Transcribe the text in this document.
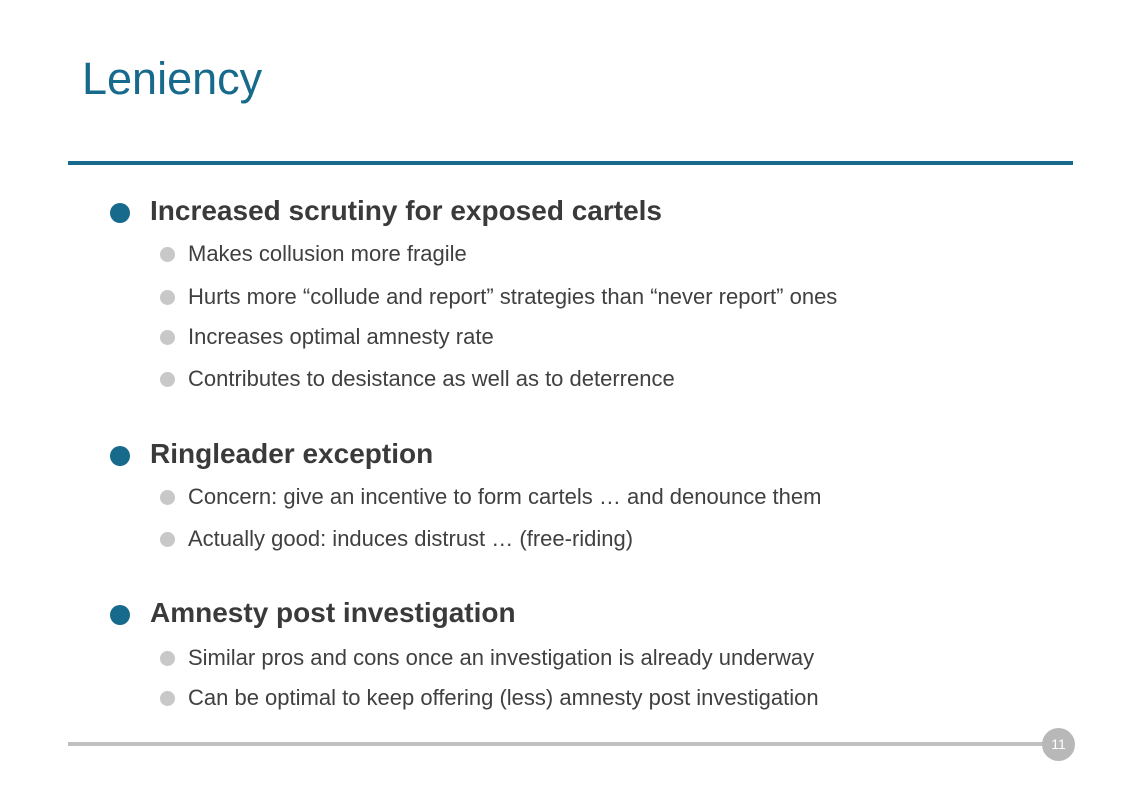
Leniency
Increased scrutiny for exposed cartels
Makes collusion more fragile
Hurts more “collude and report” strategies than “never report” ones
Increases optimal amnesty rate
Contributes to desistance as well as to deterrence
Ringleader exception
Concern: give an incentive to form cartels … and denounce them
Actually good: induces distrust … (free-riding)
Amnesty post investigation
Similar pros and cons once an investigation is already underway
Can be optimal to keep offering (less) amnesty post investigation
11
